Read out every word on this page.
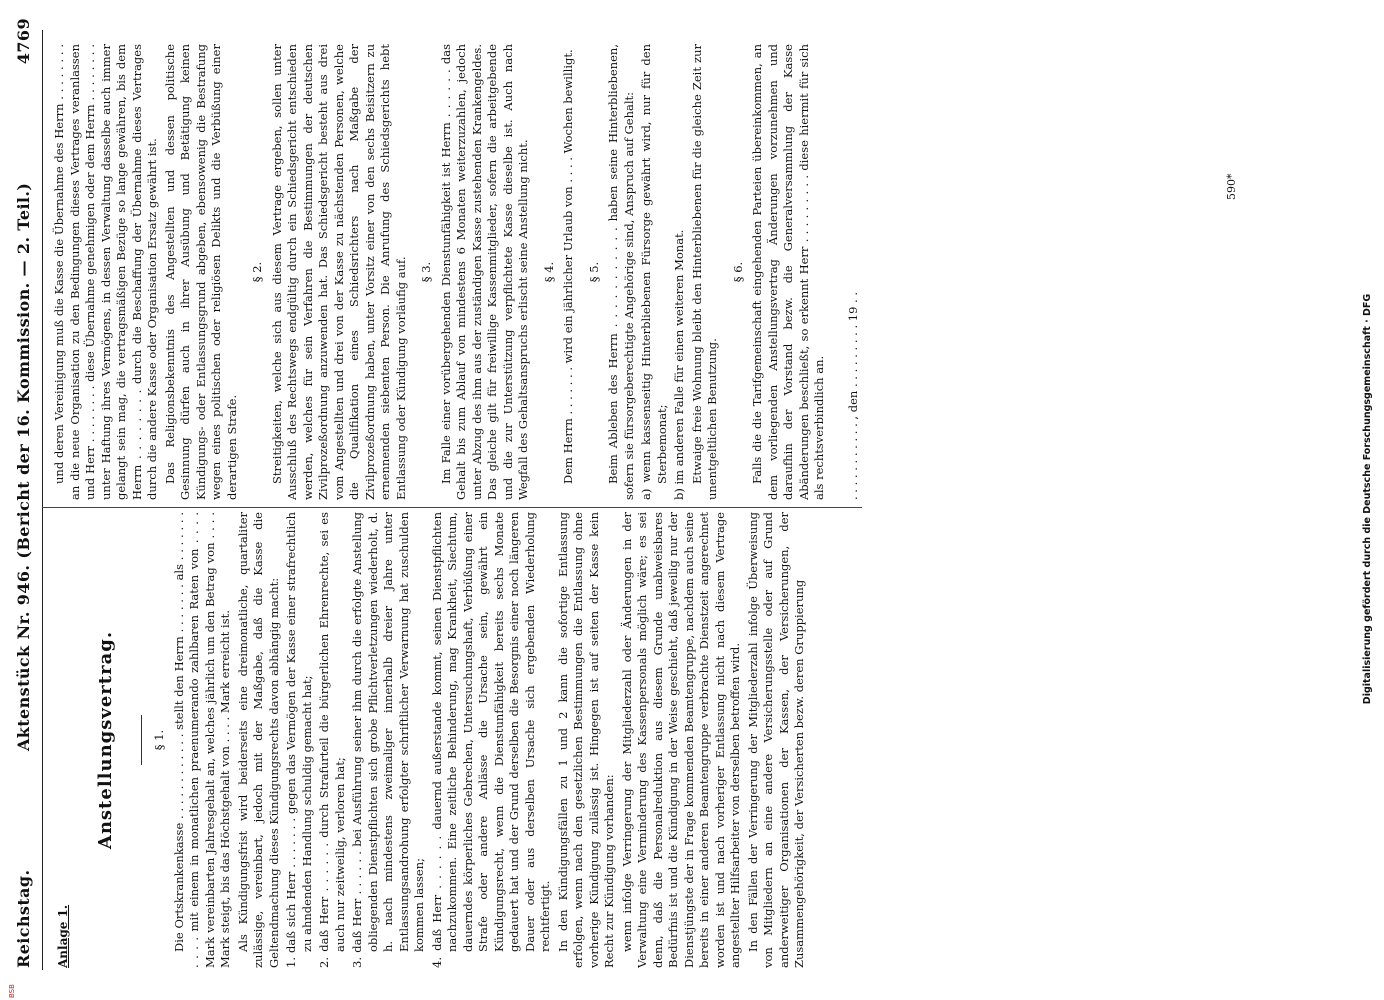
BSB
Reichstag.
Aktenstück Nr. 946. (Bericht der 16. Kommission. — 2. Teil.)
4769
Anlage 1.
Anstellungsvertrag.	§ 1. Die Ortskrankenkasse . . . . . . . . . . . . stellt den Herrn . . . . . . . als . . . . . . . . . . . mit einem in monatlichen praenumerando zahlbaren Raten von . . . . Mark vereinbarten Jahresgehalt an, welches jährlich um den Betrag von . . . . Mark steigt, bis das Höchstgehalt von . . . . Mark erreicht ist. Als Kündigungsfrist wird beiderseits eine dreimonatliche, quartaliter zulässige, vereinbart, jedoch mit der Maßgabe, daß die Kasse die Geltendmachung dieses Kündigungsrechts davon abhängig macht: 1. daß sich Herr . . . . . . . gegen das Vermögen der Kasse einer strafrechtlich zu ahndenden Handlung schuldig gemacht hat; 2. daß Herr . . . . . . durch Strafurteil die bürgerlichen Ehrenrechte, sei es auch nur zeitweilig, verloren hat; 3. daß Herr . . . . . . bei Ausführung seiner ihm durch die erfolgte Anstellung obliegenden Dienstpflichten sich grobe Pflichtverletzungen wiederholt, d. h. nach mindestens zweimaliger innerhalb dreier Jahre unter Entlassungsandrohung erfolgter schriftlicher Verwarnung hat zuschulden kommen lassen; 4. daß Herr . . . . . . dauernd außerstande kommt, seinen Dienstpflichten nachzukommen. Eine zeitliche Behinderung, mag Krankheit, Siechtum, dauerndes körperliches Gebrechen, Untersuchungshaft, Verbüßung einer Strafe oder andere Anlässe die Ursache sein, gewährt ein Kündigungsrecht, wenn die Dienstunfähigkeit bereits sechs Monate gedauert hat und der Grund derselben die Besorgnis einer noch längeren Dauer oder aus derselben Ursache sich ergebenden Wiederholung rechtfertigt. In den Kündigungsfällen zu 1 und 2 kann die sofortige Entlassung erfolgen, wenn nach den gesetzlichen Bestimmungen die Entlassung ohne vorherige Kündigung zulässig ist. Hingegen ist auf seiten der Kasse kein Recht zur Kündigung vorhanden: wenn infolge Verringerung der Mitgliederzahl oder Änderungen in der Verwaltung eine Verminderung des Kassenpersonals möglich wäre; es sei denn, daß die Personalreduktion aus diesem Grunde unabweisbares Bedürfnis ist und die Kündigung in der Weise geschieht, daß jeweilig nur der Dienstjüngste der in Frage kommenden Beamtengruppe, nachdem auch seine bereits in einer anderen Beamtengruppe verbrachte Dienstzeit angerechnet worden ist und nach vorheriger Entlassung nicht nach diesem Vertrage angestellter Hilfsarbeiter von derselben betroffen wird. In den Fällen der Verringerung der Mitgliederzahl infolge Überweisung von Mitgliedern an eine andere Versicherungsstelle oder auf Grund anderweitiger Organisationen der Kassen, der Versicherungen, der Zusammengehörigkeit, der Versicherten bezw. deren Gruppierung

und deren Vereinigung muß die Kasse die Übernahme des Herrn . . . . . . . . an die neue Organisation zu den Bedingungen dieses Vertrages veranlassen und Herr . . . . . . . . diese Übernahme genehmigen oder dem Herrn . . . . . . . . unter Haftung ihres Vermögens, in dessen Verwaltung dasselbe auch immer gelangt sein mag, die vertragsmäßigen Bezüge so lange gewähren, bis dem Herrn . . . . . . . . durch die Beschaffung der Übernahme dieses Vertrages durch die andere Kasse oder Organisation Ersatz gewährt ist. Das Religionsbekenntnis des Angestellten und dessen politische Gesinnung dürfen auch in ihrer Ausübung und Betätigung keinen Kündigungs- oder Entlassungsgrund abgeben, ebensowenig die Bestrafung wegen eines politischen oder religiösen Delikts und die Verbüßung einer derartigen Strafe.

§ 2. Streitigkeiten, welche sich aus diesem Vertrage ergeben, sollen unter Ausschluß des Rechtswegs endgültig durch ein Schiedsgericht entschieden werden, welches für sein Verfahren die Bestimmungen der deutschen Zivilprozeßordnung anzuwenden hat. Das Schiedsgericht besteht aus drei vom Angestellten und drei von der Kasse zu nächstenden Personen, welche die Qualifikation eines Schiedsrichters nach Maßgabe der Zivilprozeßordnung haben, unter Vorsitz einer von den sechs Beisitzern zu ernennenden siebenten Person. Die Anrufung des Schiedsgerichts hebt Entlassung oder Kündigung vorläufig auf. § 3. Im Falle einer vorübergehenden Dienstunfähigkeit ist Herrn . . . . . . das Gehalt bis zum Ablauf von mindestens 6 Monaten weiterzuzahlen, jedoch unter Abzug des ihm aus der zuständigen Kasse zustehenden Krankengeldes. Das gleiche gilt für freiwillige Kassenmitglieder, sofern die arbeitgebende und die zur Unterstützung verpflichtete Kasse dieselbe ist. Auch nach Wegfall des Gehaltsanspruchs erlischt seine Anstellung nicht. § 4. Dem Herrn . . . . . . . wird ein jährlicher Urlaub von . . . . Wochen bewilligt. § 5. Beim Ableben des Herrn . . . . . . . . . . . haben seine Hinterbliebenen, sofern sie fürsorgeberechtigte Angehörige sind, Anspruch auf Gehalt: a) wenn kassenseitig Hinterbliebenen Fürsorge gewährt wird, nur für den Sterbemonat; b) im anderen Falle für einen weiteren Monat. Etwaige freie Wohnung bleibt den Hinterbliebenen für die gleiche Zeit zur unentgeltlichen Benutzung.

§ 6. Falls die die Tarifgemeinschaft eingehenden Parteien übereinkommen, an dem vorliegenden Anstellungsvertrag Änderungen vorzunehmen und daraufhin der Vorstand bezw. die Generalversammlung der Kasse Abänderungen beschließt, so erkennt Herr . . . . . . . . . diese hiermit für sich als rechtsverbindlich an. . . . . . . . . . . . , den . . . . . . . . . 19 . .

590*
Digitalisierung gefördert durch die Deutsche Forschungsgemeinschaft · DFG
